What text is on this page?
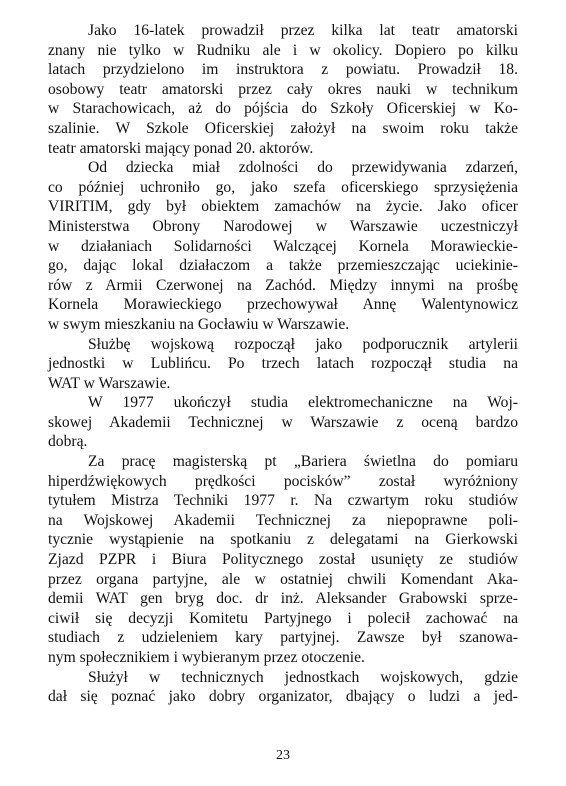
Jako 16-latek prowadził przez kilka lat teatr amatorski
znany nie tylko w Rudniku ale i w okolicy. Dopiero po kilku
latach przydzielono im instruktora z powiatu. Prowadził 18.
osobowy teatr amatorski przez cały okres nauki w technikum
w Starachowicach, aż do pójścia do Szkoły Oficerskiej w Ko-
szalinie. W Szkole Oficerskiej założył na swoim roku także
teatr amatorski mający ponad 20. aktorów.
Od dziecka miał zdolności do przewidywania zdarzeń,
co później uchroniło go, jako szefa oficerskiego sprzysiężenia
VIRITIM, gdy był obiektem zamachów na życie. Jako oficer
Ministerstwa Obrony Narodowej w Warszawie uczestniczył
w działaniach Solidarności Walczącej Kornela Morawieckie-
go, dając lokal działaczom a także przemieszczając uciekinie-
rów z Armii Czerwonej na Zachód. Między innymi na prośbę
Kornela Morawieckiego przechowywał Annę Walentynowicz
w swym mieszkaniu na Gocławiu w Warszawie.
Służbę wojskową rozpoczął jako podporucznik artylerii
jednostki w Lublińcu. Po trzech latach rozpoczął studia na
WAT w Warszawie.
W 1977 ukończył studia elektromechaniczne na Woj-
skowej Akademii Technicznej w Warszawie z oceną bardzo
dobrą.
Za pracę magisterską pt „Bariera świetlna do pomiaru
hiperdźwiękowych prędkości pocisków” został wyróżniony
tytułem Mistrza Techniki 1977 r. Na czwartym roku studiów
na Wojskowej Akademii Technicznej za niepoprawne poli-
tycznie wystąpienie na spotkaniu z delegatami na Gierkowski
Zjazd PZPR i Biura Politycznego został usunięty ze studiów
przez organa partyjne, ale w ostatniej chwili Komendant Aka-
demii WAT gen bryg doc. dr inż. Aleksander Grabowski sprze-
ciwił się decyzji Komitetu Partyjnego i polecił zachować na
studiach z udzieleniem kary partyjnej. Zawsze był szanowa-
nym społecznikiem i wybieranym przez otoczenie.
Służył w technicznych jednostkach wojskowych, gdzie
dał się poznać jako dobry organizator, dbający o ludzi a jed-
23
